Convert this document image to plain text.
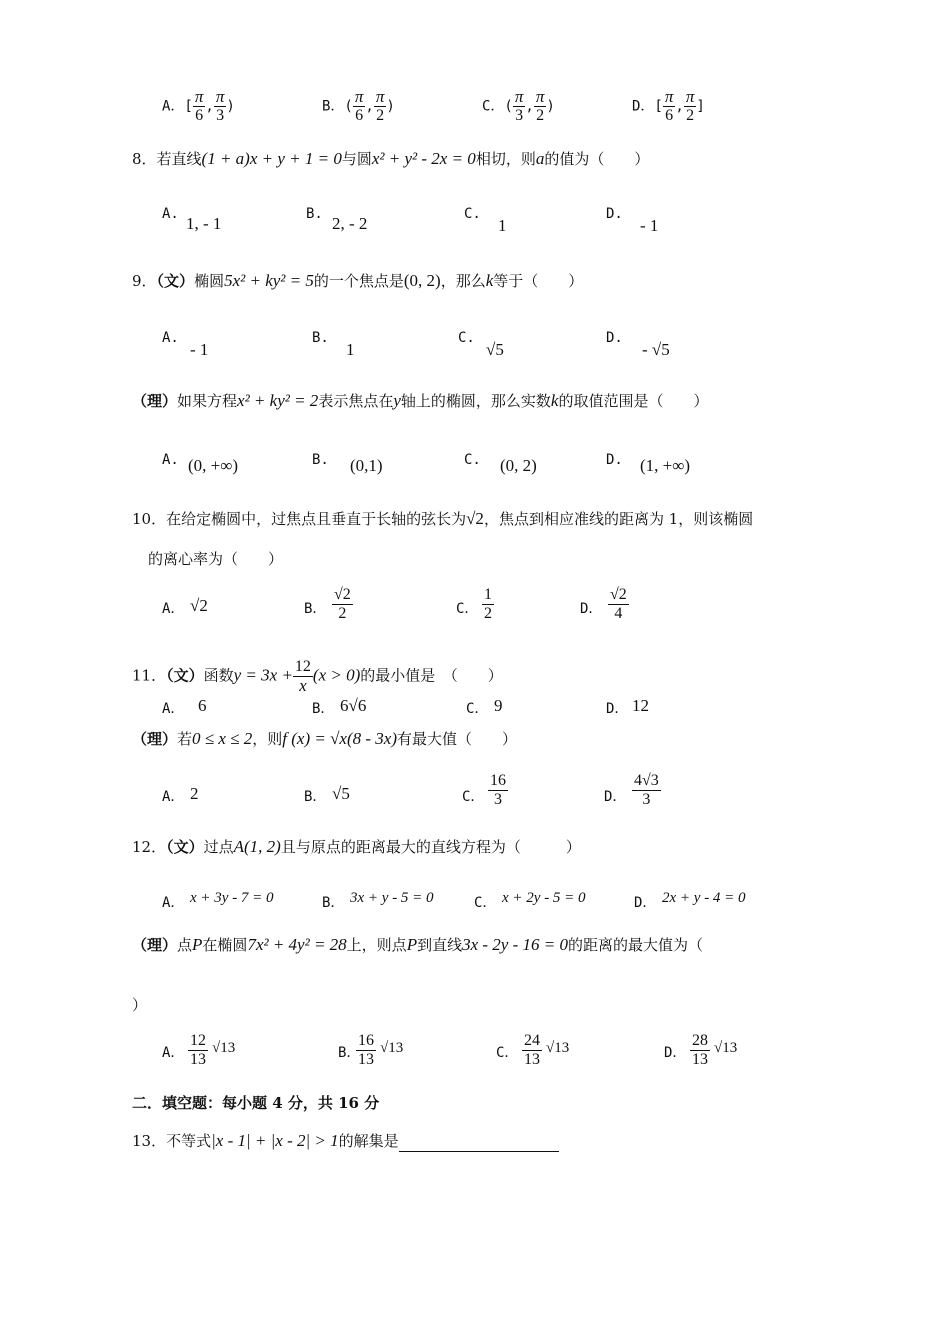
A．[ $\frac{\pi}{6}$ , $\frac{\pi}{3}$ )	B．( $\frac{\pi}{6}$ , $\frac{\pi}{2}$ )	C．( $\frac{\pi}{3}$ , $\frac{\pi}{2}$ )	D．[ $\frac{\pi}{6}$ , $\frac{\pi}{2}$ ]
8．若直线(1 + a)x + y + 1 = 0与圆x² + y² - 2x = 0相切，则a的值为（　　）
A. 1, - 1	B. 2, - 2	C.
1
D.
- 1
9．（文）椭圆5x² + ky² = 5的一个焦点是(0, 2)，那么k等于（　　）
A.
- 1
B.
1
C.
√5
D.
- √5
（理）如果方程x² + ky² = 2表示焦点在y轴上的椭圆，那么实数k的取值范围是（　　）
A. (0, +∞)	B. (0,1)	C. (0, 2)	D. (1, +∞)
10．在给定椭圆中，过焦点且垂直于长轴的弦长为√2，焦点到相应准线的距离为 1，则该椭圆
的离心率为（　　）
A． √2	B． $\frac{√2}{2}$	C． $\frac{1}{2}$	D． $\frac{√2}{4}$
11．（文）函数$y = 3x + \frac{12}{x} (x > 0)$的最小值是　（　　）
A． 6	B． 6√6	C． 9	D． 12
（理）若0 ≤ x ≤ 2，则f (x) = √x(8 - 3x)有最大值（　　）
A． 2	B． √5	C． $\frac{16}{3}$	D． $\frac{4√3}{3}$
12．（文）过点A(1, 2)且与原点的距离最大的直线方程为（　　　）
A． x + 3y - 7 = 0	B． 3x + y - 5 = 0	C． x + 2y - 5 = 0	D． 2x + y - 4 = 0
（理）点P在椭圆7x² + 4y² = 28上，则点P到直线3x - 2y - 16 = 0的距离的最大值为（
）
A． $\frac{12}{13} √13$	B．
$\frac{16}{13} √13$	C． $\frac{24}{13} √13$	D． $\frac{28}{13} √13$
二．填空题：每小题 4 分，共 16 分
13．不等式|x - 1| + |x - 2| > 1的解集是
